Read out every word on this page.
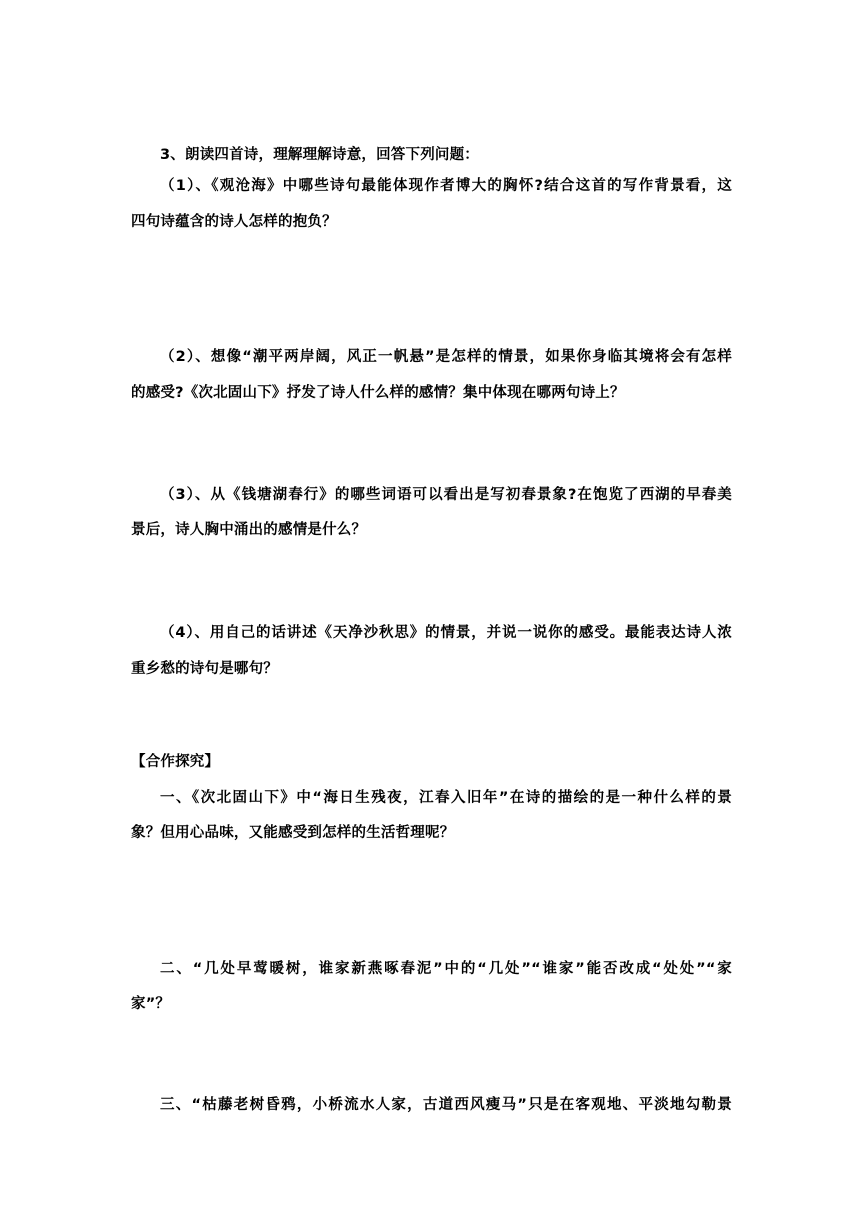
3、朗读四首诗，理解理解诗意，回答下列问题：
（1）、《观沧海》中哪些诗句最能体现作者博大的胸怀?结合这首的写作背景看，这
四句诗蕴含的诗人怎样的抱负？
（2）、想像“潮平两岸阔，风正一帆悬”是怎样的情景，如果你身临其境将会有怎样
的感受?《次北固山下》抒发了诗人什么样的感情？集中体现在哪两句诗上？
（3）、从《钱塘湖春行》的哪些词语可以看出是写初春景象?在饱览了西湖的早春美
景后，诗人胸中涌出的感情是什么？
（4）、用自己的话讲述《天净沙秋思》的情景，并说一说你的感受。最能表达诗人浓
重乡愁的诗句是哪句？
【合作探究】
一、《次北固山下》中“海日生残夜，江春入旧年”在诗的描绘的是一种什么样的景
象？但用心品味，又能感受到怎样的生活哲理呢？
二、“几处早莺暖树，谁家新燕啄春泥”中的“几处”“谁家”能否改成“处处”“家
家”？
三、“枯藤老树昏鸦，小桥流水人家，古道西风瘦马”只是在客观地、平淡地勾勒景
